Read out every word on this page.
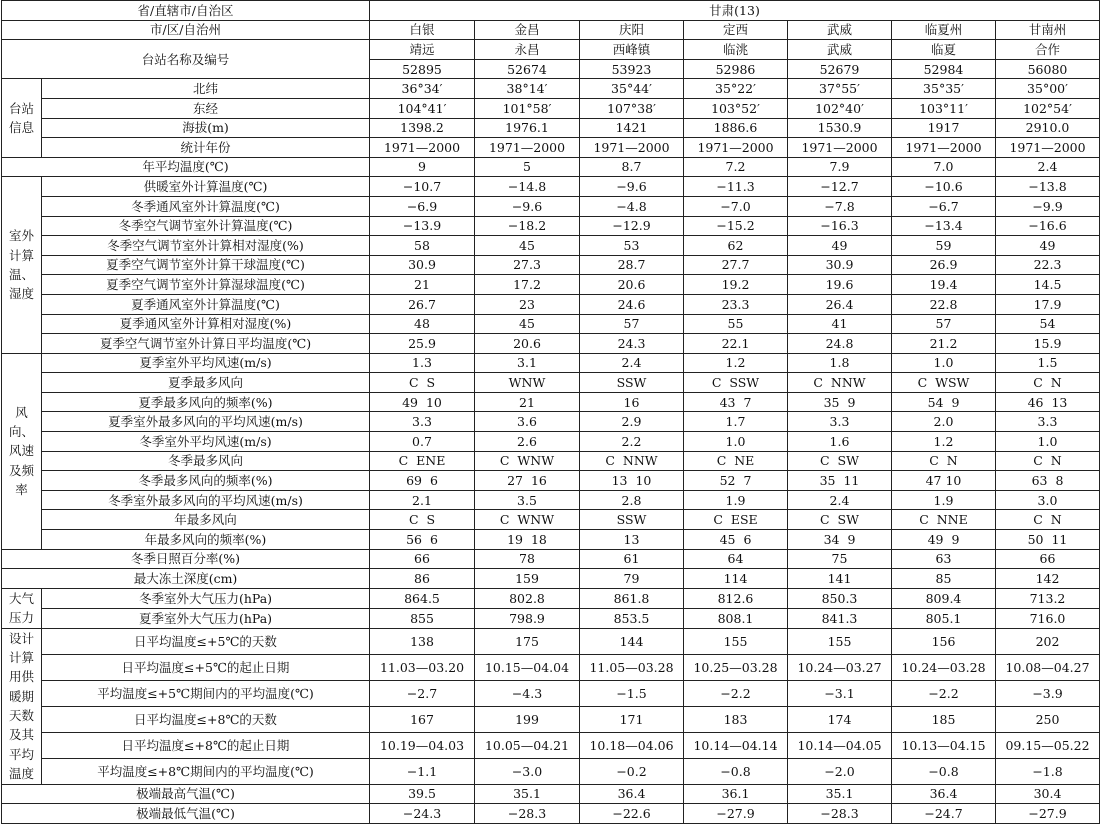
省/直辖市/自治区		甘肃(13)						
市/区/自治州		白银	金昌	庆阳	定西	武威	临夏州	甘南州
台站名称及编号		靖远	永昌	西峰镇	临洮	武威	临夏	合作
		52895	52674	53923	52986	52679	52984	56080
台站信息	北纬	36°34′	38°14′	35°44′	35°22′	37°55′	35°35′	35°00′
	东经	104°41′	101°58′	107°38′	103°52′	102°40′	103°11′	102°54′
	海拔(m)	1398.2	1976.1	1421	1886.6	1530.9	1917	2910.0
	统计年份	1971—2000	1971—2000	1971—2000	1971—2000	1971—2000	1971—2000	1971—2000
年平均温度(℃)		9	5	8.7	7.2	7.9	7.0	2.4
室外计算温、湿度	供暖室外计算温度(℃)	−10.7	−14.8	−9.6	−11.3	−12.7	−10.6	−13.8
	冬季通风室外计算温度(℃)	−6.9	−9.6	−4.8	−7.0	−7.8	−6.7	−9.9
	冬季空气调节室外计算温度(℃)	−13.9	−18.2	−12.9	−15.2	−16.3	−13.4	−16.6
	冬季空气调节室外计算相对湿度(%)	58	45	53	62	49	59	49
	夏季空气调节室外计算干球温度(℃)	30.9	27.3	28.7	27.7	30.9	26.9	22.3
	夏季空气调节室外计算湿球温度(℃)	21	17.2	20.6	19.2	19.6	19.4	14.5
	夏季通风室外计算温度(℃)	26.7	23	24.6	23.3	26.4	22.8	17.9
	夏季通风室外计算相对湿度(%)	48	45	57	55	41	57	54
	夏季空气调节室外计算日平均温度(℃)	25.9	20.6	24.3	22.1	24.8	21.2	15.9
风向、风速及频率	夏季室外平均风速(m/s)	1.3	3.1	2.4	1.2	1.8	1.0	1.5
	夏季最多风向	C  S	WNW	SSW	C  SSW	C  NNW	C  WSW	C  N
	夏季最多风向的频率(%)	49  10	21	16	43  7	35  9	54  9	46  13
	夏季室外最多风向的平均风速(m/s)	3.3	3.6	2.9	1.7	3.3	2.0	3.3
	冬季室外平均风速(m/s)	0.7	2.6	2.2	1.0	1.6	1.2	1.0
	冬季最多风向	C  ENE	C  WNW	C  NNW	C  NE	C  SW	C  N	C  N
	冬季最多风向的频率(%)	69  6	27  16	13  10	52  7	35  11	47 10	63  8
	冬季室外最多风向的平均风速(m/s)	2.1	3.5	2.8	1.9	2.4	1.9	3.0
	年最多风向	C  S	C  WNW	SSW	C  ESE	C  SW	C  NNE	C  N
	年最多风向的频率(%)	56  6	19  18	13	45  6	34  9	49  9	50  11
冬季日照百分率(%)		66	78	61	64	75	63	66
最大冻土深度(cm)		86	159	79	114	141	85	142
大气压力	冬季室外大气压力(hPa)	864.5	802.8	861.8	812.6	850.3	809.4	713.2
	夏季室外大气压力(hPa)	855	798.9	853.5	808.1	841.3	805.1	716.0
设计计算用供暖期天数及其平均温度	日平均温度≤+5℃的天数	138	175	144	155	155	156	202
	日平均温度≤+5℃的起止日期	11.03—03.20	10.15—04.04	11.05—03.28	10.25—03.28	10.24—03.27	10.24—03.28	10.08—04.27
	平均温度≤+5℃期间内的平均温度(℃)	−2.7	−4.3	−1.5	−2.2	−3.1	−2.2	−3.9
	日平均温度≤+8℃的天数	167	199	171	183	174	185	250
	日平均温度≤+8℃的起止日期	10.19—04.03	10.05—04.21	10.18—04.06	10.14—04.14	10.14—04.05	10.13—04.15	09.15—05.22
	平均温度≤+8℃期间内的平均温度(℃)	−1.1	−3.0	−0.2	−0.8	−2.0	−0.8	−1.8
极端最高气温(℃)		39.5	35.1	36.4	36.1	35.1	36.4	30.4
极端最低气温(℃)		−24.3	−28.3	−22.6	−27.9	−28.3	−24.7	−27.9
